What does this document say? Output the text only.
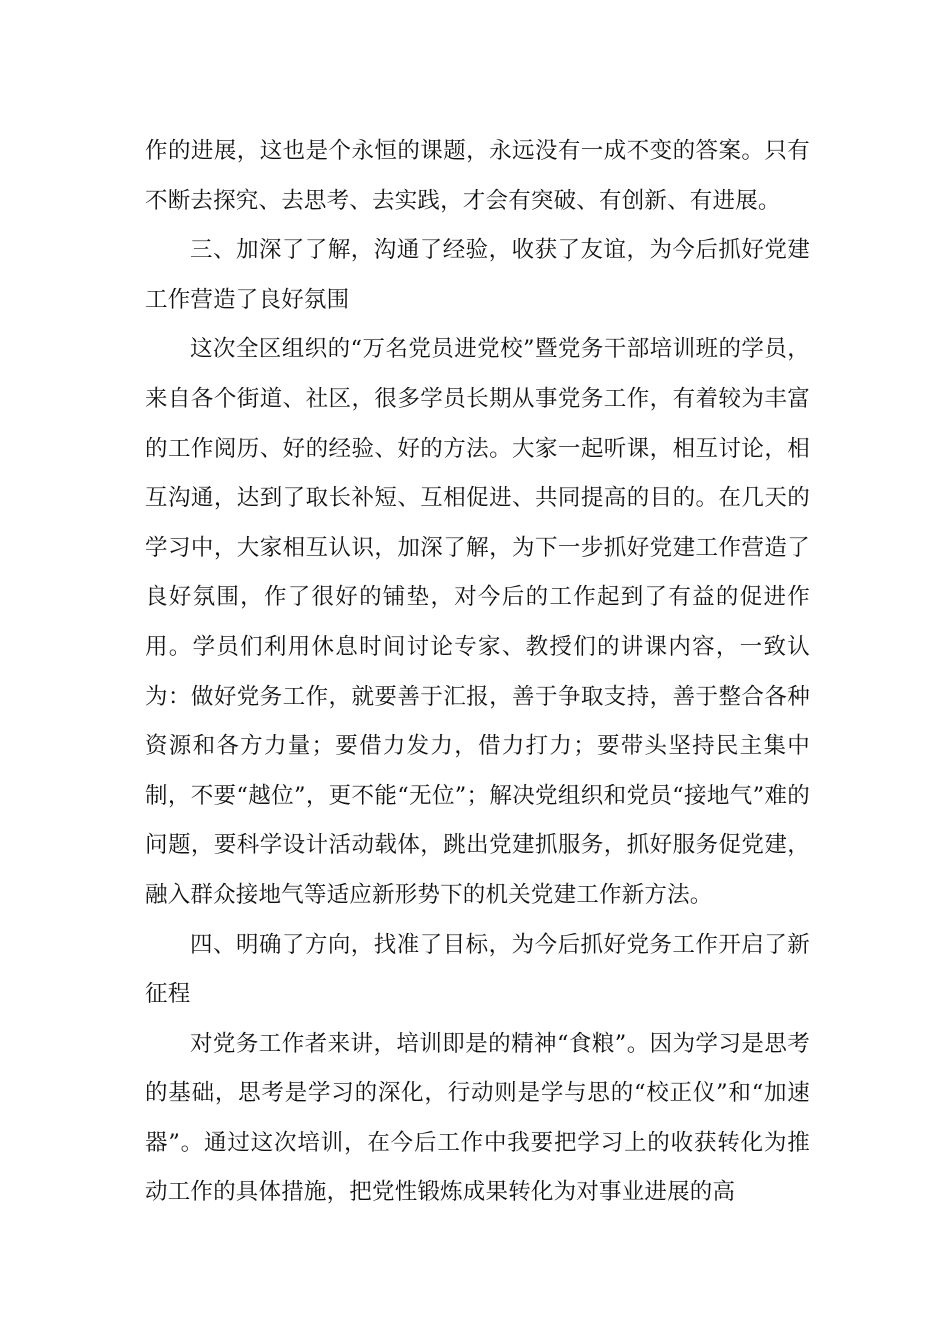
作的进展，这也是个永恒的课题，永远没有一成不变的答案。只有不断去探究、去思考、去实践，才会有突破、有创新、有进展。

三、加深了了解，沟通了经验，收获了友谊，为今后抓好党建工作营造了良好氛围

这次全区组织的“万名党员进党校”暨党务干部培训班的学员，来自各个街道、社区，很多学员长期从事党务工作，有着较为丰富的工作阅历、好的经验、好的方法。大家一起听课，相互讨论，相互沟通，达到了取长补短、互相促进、共同提高的目的。在几天的学习中，大家相互认识，加深了解，为下一步抓好党建工作营造了良好氛围，作了很好的铺垫，对今后的工作起到了有益的促进作用。学员们利用休息时间讨论专家、教授们的讲课内容，一致认为：做好党务工作，就要善于汇报，善于争取支持，善于整合各种资源和各方力量；要借力发力，借力打力；要带头坚持民主集中制，不要“越位”，更不能“无位”；解决党组织和党员“接地气”难的问题，要科学设计活动载体，跳出党建抓服务，抓好服务促党建，融入群众接地气等适应新形势下的机关党建工作新方法。

四、明确了方向，找准了目标，为今后抓好党务工作开启了新征程

对党务工作者来讲，培训即是的精神“食粮”。因为学习是思考的基础，思考是学习的深化，行动则是学与思的“校正仪”和“加速器”。通过这次培训，在今后工作中我要把学习上的收获转化为推动工作的具体措施，把党性锻炼成果转化为对事业进展的高
